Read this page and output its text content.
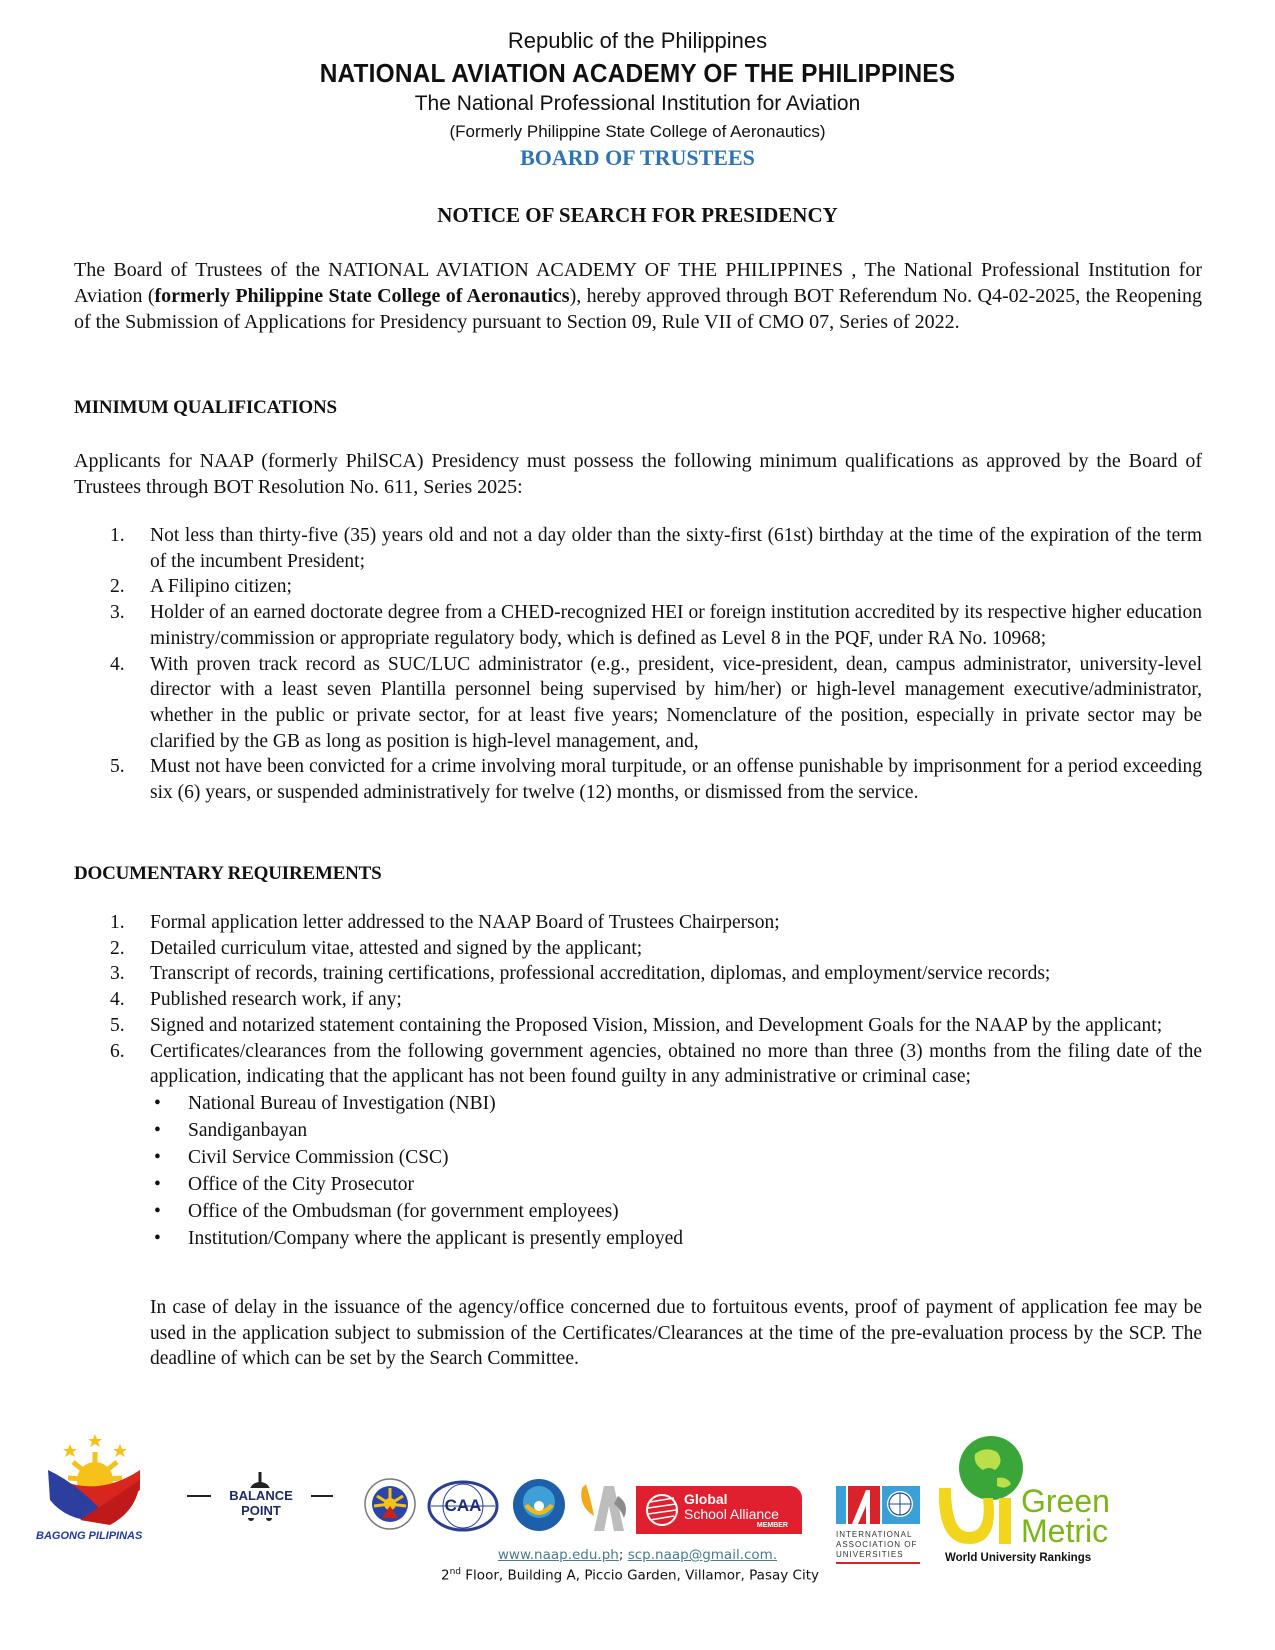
Republic of the Philippines
NATIONAL AVIATION ACADEMY OF THE PHILIPPINES
The National Professional Institution for Aviation
(Formerly Philippine State College of Aeronautics)
BOARD OF TRUSTEES
NOTICE OF SEARCH FOR PRESIDENCY
The Board of Trustees of the NATIONAL AVIATION ACADEMY OF THE PHILIPPINES , The National Professional Institution for Aviation (formerly Philippine State College of Aeronautics), hereby approved through BOT Referendum No. Q4-02-2025, the Reopening of the Submission of Applications for Presidency pursuant to Section 09, Rule VII of CMO 07, Series of 2022.
MINIMUM QUALIFICATIONS
Applicants for NAAP (formerly PhilSCA) Presidency must possess the following minimum qualifications as approved by the Board of Trustees through BOT Resolution No. 611, Series 2025:
1.	Not less than thirty-five (35) years old and not a day older than the sixty-first (61st) birthday at the time of the expiration of the term of the incumbent President;
2.	A Filipino citizen;
3.	Holder of an earned doctorate degree from a CHED-recognized HEI or foreign institution accredited by its respective higher education ministry/commission or appropriate regulatory body, which is defined as Level 8 in the PQF, under RA No. 10968;
4.	With proven track record as SUC/LUC administrator (e.g., president, vice-president, dean, campus administrator, university-level director with a least seven Plantilla personnel being supervised by him/her) or high-level management executive/administrator, whether in the public or private sector, for at least five years; Nomenclature of the position, especially in private sector may be clarified by the GB as long as position is high-level management, and,
5.	Must not have been convicted for a crime involving moral turpitude, or an offense punishable by imprisonment for a period exceeding six (6) years, or suspended administratively for twelve (12) months, or dismissed from the service.
DOCUMENTARY REQUIREMENTS
1.	Formal application letter addressed to the NAAP Board of Trustees Chairperson;
2.	Detailed curriculum vitae, attested and signed by the applicant;
3.	Transcript of records, training certifications, professional accreditation, diplomas, and employment/service records;
4.	Published research work, if any;
5.	Signed and notarized statement containing the Proposed Vision, Mission, and Development Goals for the NAAP by the applicant;
6.	Certificates/clearances from the following government agencies, obtained no more than three (3) months from the filing date of the application, indicating that the applicant has not been found guilty in any administrative or criminal case;
• National Bureau of Investigation (NBI)
• Sandiganbayan
• Civil Service Commission (CSC)
• Office of the City Prosecutor
• Office of the Ombudsman (for government employees)
• Institution/Company where the applicant is presently employed
In case of delay in the issuance of the agency/office concerned due to fortuitous events, proof of payment of application fee may be used in the application subject to submission of the Certificates/Clearances at the time of the pre-evaluation process by the SCP. The deadline of which can be set by the Search Committee.
BAGONG PILIPINAS
BALANCE POINT	CAA	Global
School Alliance
MEMBER
INTERNATIONAL
ASSOCIATION OF
UNIVERSITIES
Green
Metric
World University Rankings
www.naap.edu.ph; scp.naap@gmail.com.
2nd Floor, Building A, Piccio Garden, Villamor, Pasay City
